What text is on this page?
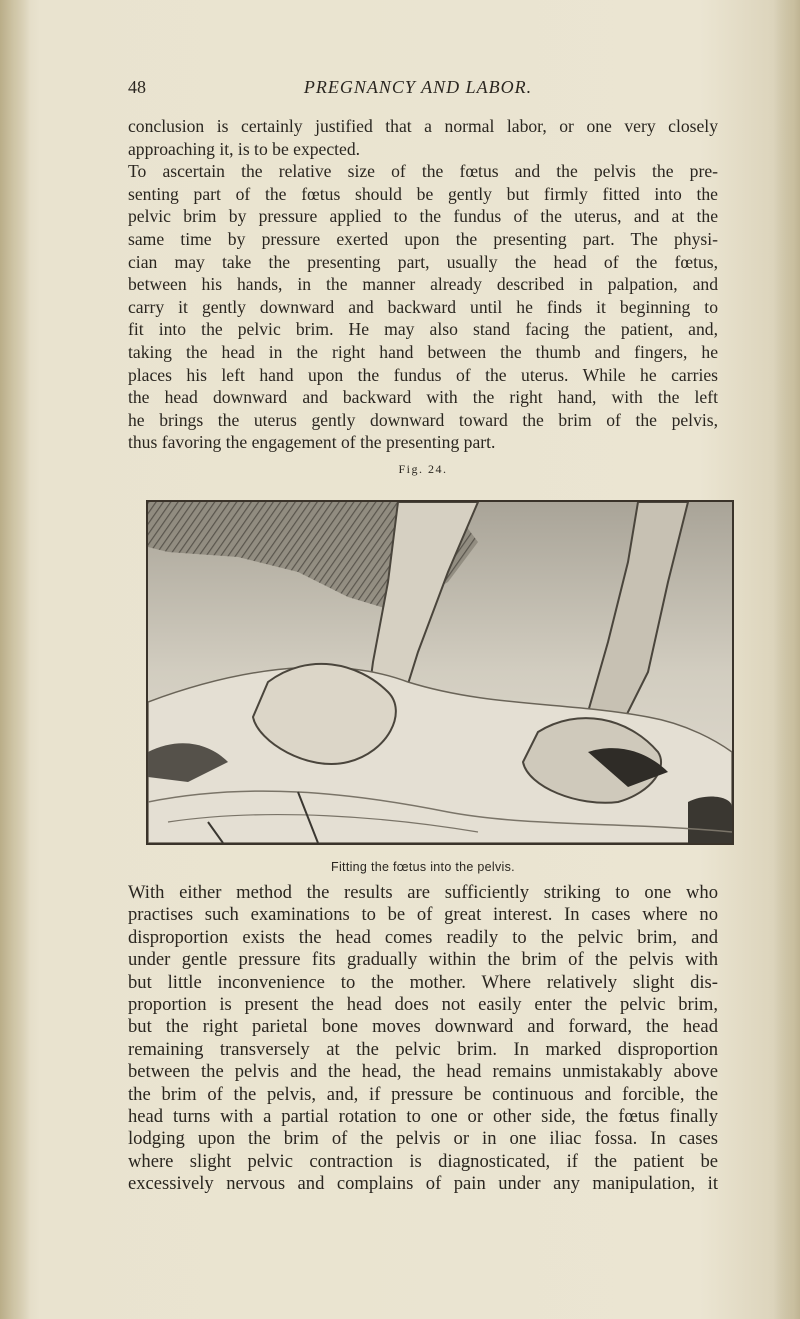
48	PREGNANCY AND LABOR.

conclusion is certainly justified that a normal labor, or one very closely

approaching it, is to be expected.

To ascertain the relative size of the fœtus and the pelvis the pre-

senting part of the fœtus should be gently but firmly fitted into the

pelvic brim by pressure applied to the fundus of the uterus, and at the

same time by pressure exerted upon the presenting part. The physi-

cian may take the presenting part, usually the head of the fœtus,

between his hands, in the manner already described in palpation, and

carry it gently downward and backward until he finds it beginning to

fit into the pelvic brim. He may also stand facing the patient, and,

taking the head in the right hand between the thumb and fingers, he

places his left hand upon the fundus of the uterus. While he carries

the head downward and backward with the right hand, with the left

he brings the uterus gently downward toward the brim of the pelvis,

thus favoring the engagement of the presenting part.

Fig. 24.
Fitting the fœtus into the pelvis.

With either method the results are sufficiently striking to one who

practises such examinations to be of great interest. In cases where no

disproportion exists the head comes readily to the pelvic brim, and

under gentle pressure fits gradually within the brim of the pelvis with

but little inconvenience to the mother. Where relatively slight dis-

proportion is present the head does not easily enter the pelvic brim,

but the right parietal bone moves downward and forward, the head

remaining transversely at the pelvic brim. In marked disproportion

between the pelvis and the head, the head remains unmistakably above

the brim of the pelvis, and, if pressure be continuous and forcible, the

head turns with a partial rotation to one or other side, the fœtus finally

lodging upon the brim of the pelvis or in one iliac fossa. In cases

where slight pelvic contraction is diagnosticated, if the patient be

excessively nervous and complains of pain under any manipulation, it
